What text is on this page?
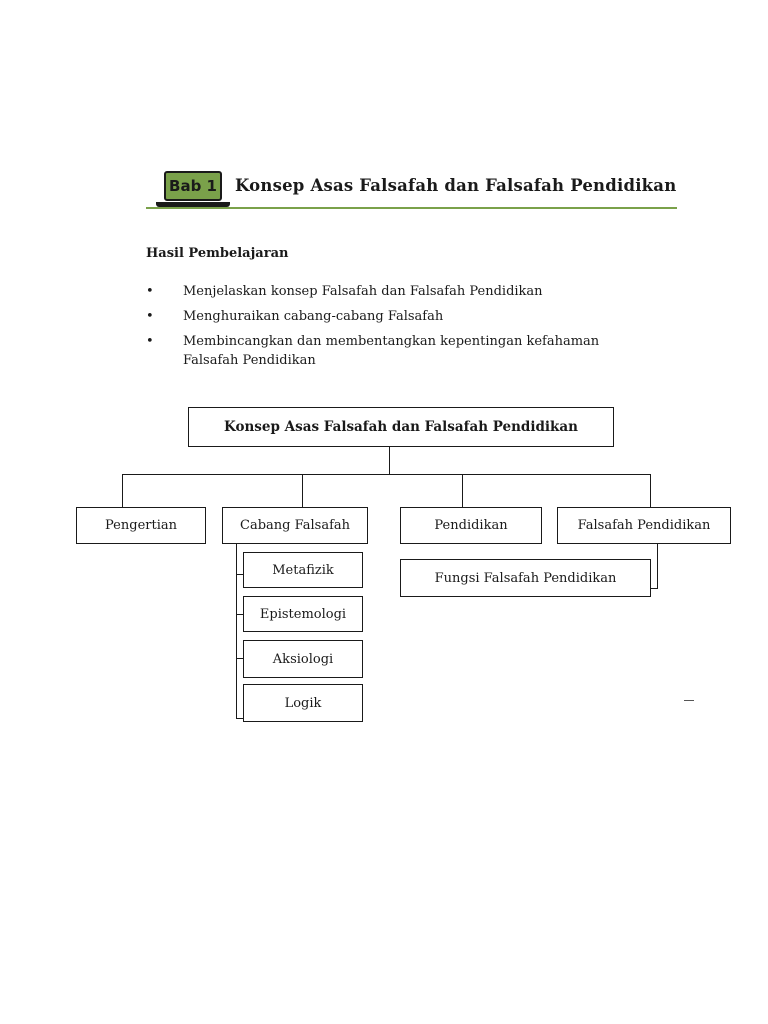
Bab 1	Konsep Asas Falsafah dan Falsafah Pendidikan
Hasil Pembelajaran
•	Menjelaskan konsep Falsafah dan Falsafah Pendidikan
•	Menghuraikan cabang-cabang Falsafah
•	Membincangkan dan membentangkan kepentingan kefahaman Falsafah Pendidikan
Konsep Asas Falsafah dan Falsafah Pendidikan
Pengertian	Cabang Falsafah	Pendidikan	Falsafah Pendidikan
Metafizik
Epistemologi
Aksiologi
Logik
Fungsi Falsafah Pendidikan
